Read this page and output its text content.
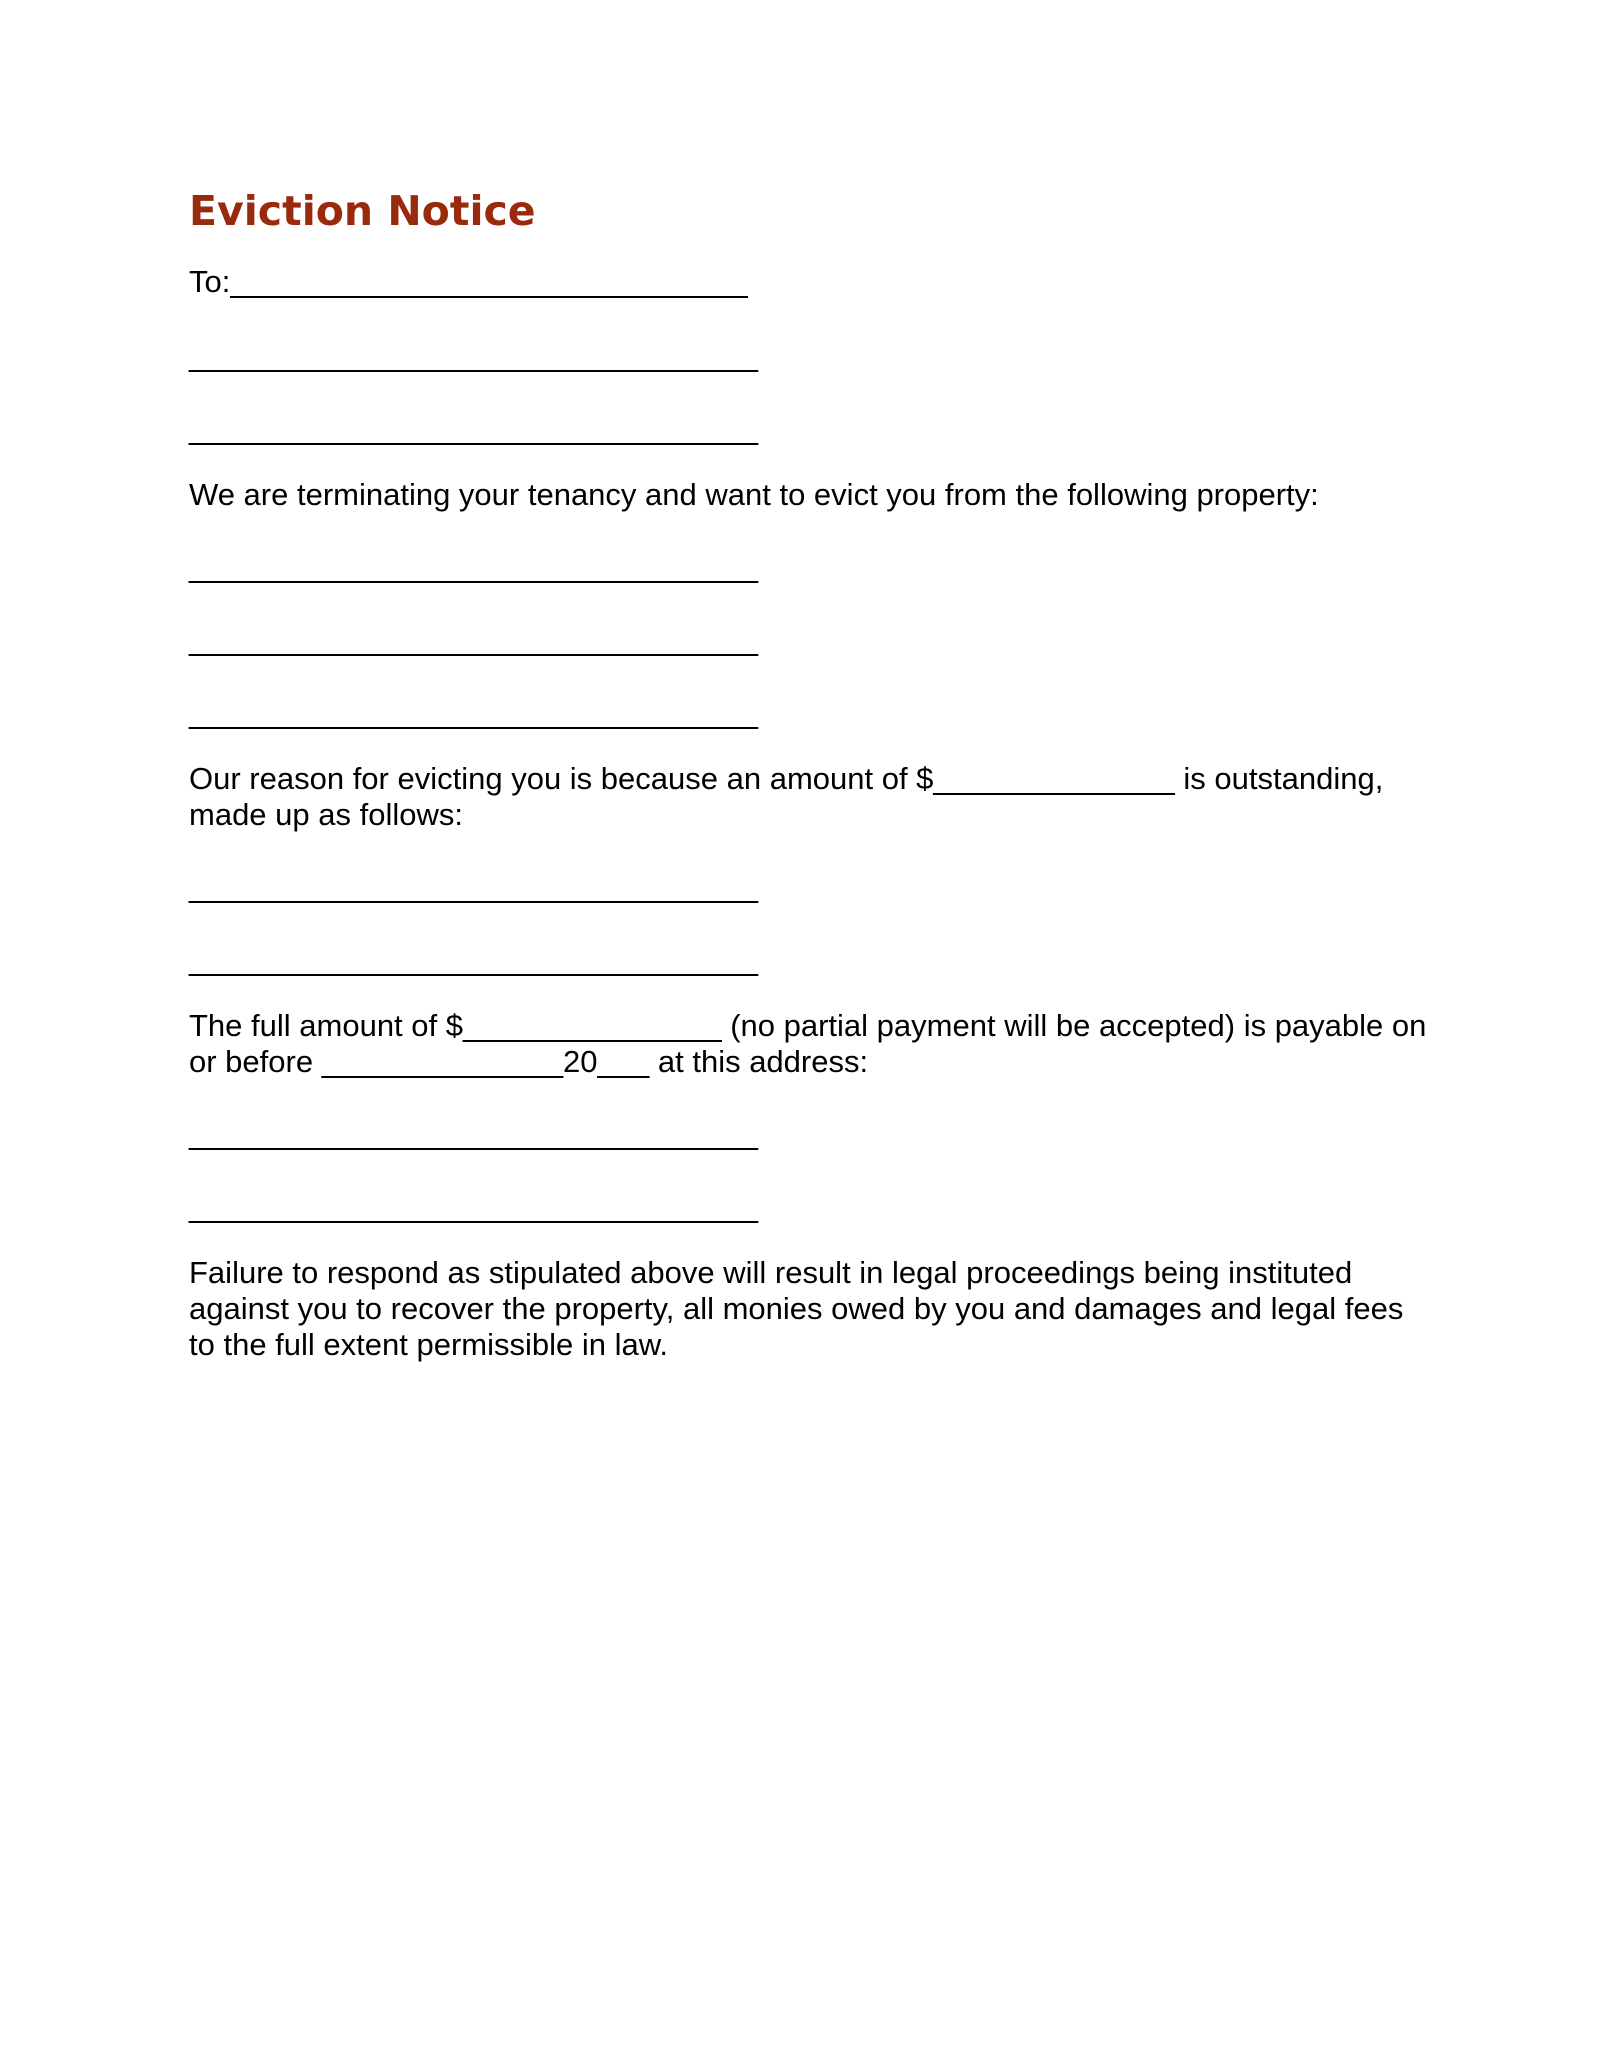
Eviction Notice

To:______________________________

_________________________________

_________________________________

We are terminating your tenancy and want to evict you from the following property:

_________________________________

_________________________________

_________________________________

Our reason for evicting you is because an amount of $______________ is outstanding, made up as follows:

_________________________________

_________________________________

The full amount of $_______________ (no partial payment will be accepted) is payable on or before ______________20___ at this address:

_________________________________

_________________________________

Failure to respond as stipulated above will result in legal proceedings being instituted against you to recover the property, all monies owed by you and damages and legal fees to the full extent permissible in law.
